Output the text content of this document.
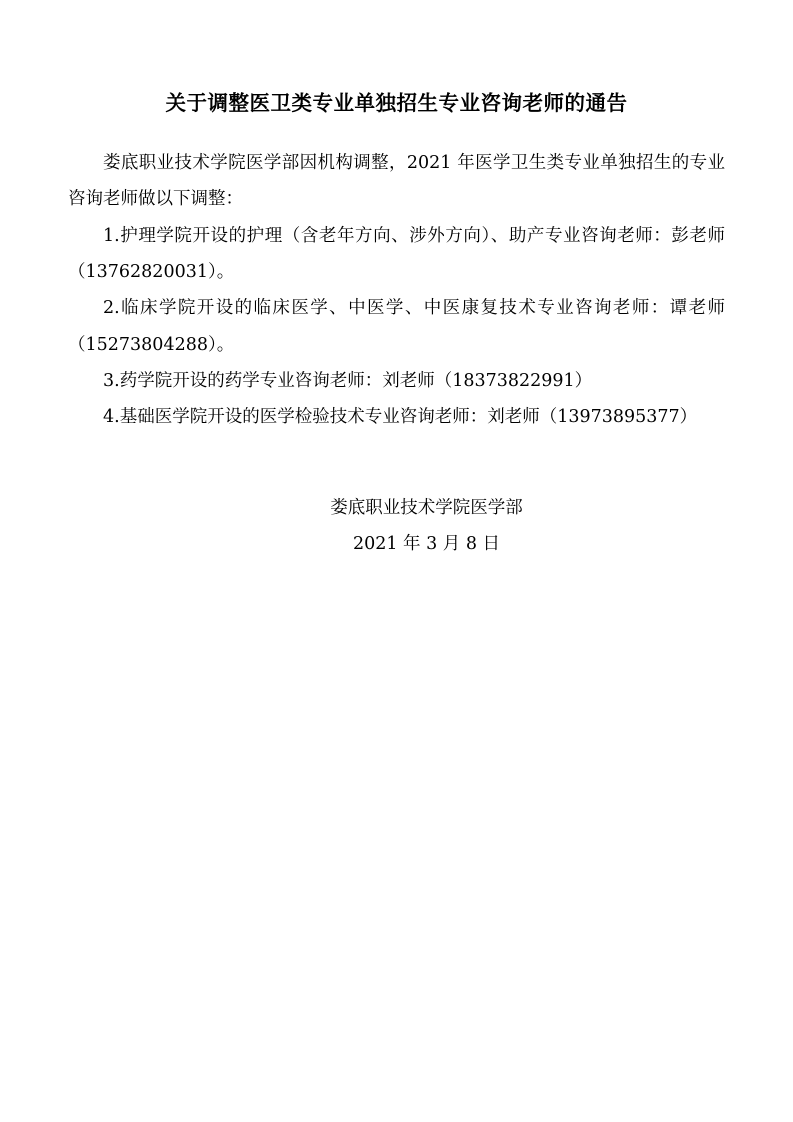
关于调整医卫类专业单独招生专业咨询老师的通告

娄底职业技术学院医学部因机构调整，2021 年医学卫生类专业单独招生的专业咨询老师做以下调整：

1.护理学院开设的护理（含老年方向、涉外方向）、助产专业咨询老师：彭老师（13762820031）。

2.临床学院开设的临床医学、中医学、中医康复技术专业咨询老师：谭老师（15273804288）。

3.药学院开设的药学专业咨询老师：刘老师（18373822991）

4.基础医学院开设的医学检验技术专业咨询老师：刘老师（13973895377）

娄底职业技术学院医学部
2021 年 3 月 8 日
